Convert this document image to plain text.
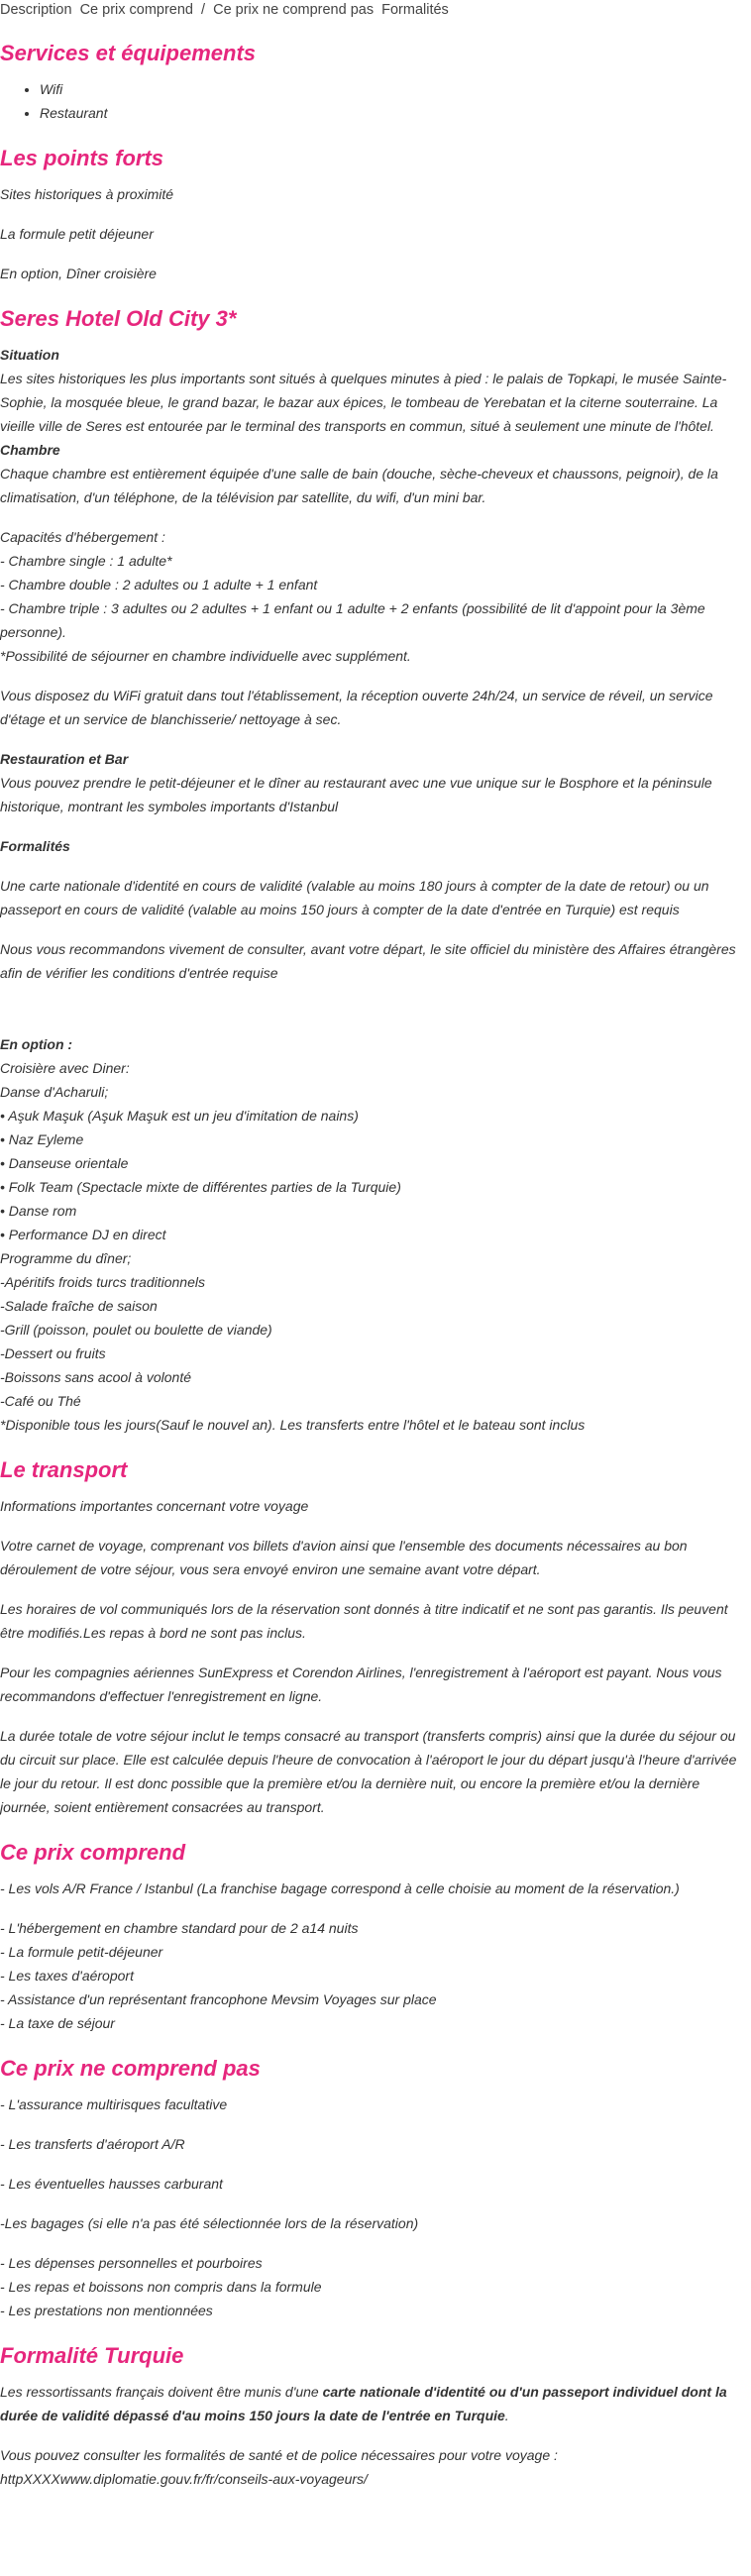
Description Ce prix comprend / Ce prix ne comprend pas Formalités
Services et équipements
• Wifi
• Restaurant
Les points forts

Sites historiques à proximité

La formule petit déjeuner

En option, Dîner croisière

Seres Hotel Old City 3*

Situation

Les sites historiques les plus importants sont situés à quelques minutes à pied : le palais de Topkapi, le musée Sainte-Sophie, la mosquée bleue, le grand bazar, le bazar aux épices, le tombeau de Yerebatan et la citerne souterraine. La vieille ville de Seres est entourée par le terminal des transports en commun, situé à seulement une minute de l'hôtel.

Chambre

Chaque chambre est entièrement équipée d'une salle de bain (douche, sèche-cheveux et chaussons, peignoir), de la climatisation, d'un téléphone, de la télévision par satellite, du wifi, d'un mini bar.

Capacités d'hébergement :

- Chambre single : 1 adulte*

- Chambre double : 2 adultes ou 1 adulte + 1 enfant

- Chambre triple : 3 adultes ou 2 adultes + 1 enfant ou 1 adulte + 2 enfants (possibilité de lit d'appoint pour la 3ème personne).

*Possibilité de séjourner en chambre individuelle avec supplément.

Vous disposez du WiFi gratuit dans tout l'établissement, la réception ouverte 24h/24, un service de réveil, un service d'étage et un service de blanchisserie/ nettoyage à sec.

Restauration et Bar

Vous pouvez prendre le petit-déjeuner et le dîner au restaurant avec une vue unique sur le Bosphore et la péninsule historique, montrant les symboles importants d'Istanbul

Formalités

Une carte nationale d'identité en cours de validité (valable au moins 180 jours à compter de la date de retour) ou un passeport en cours de validité (valable au moins 150 jours à compter de la date d'entrée en Turquie) est requis

Nous vous recommandons vivement de consulter, avant votre départ, le site officiel du ministère des Affaires étrangères afin de vérifier les conditions d'entrée requise

En option :

Croisière avec Diner:

Danse d'Acharuli;

• Aşuk Maşuk (Aşuk Maşuk est un jeu d'imitation de nains)

• Naz Eyleme

• Danseuse orientale

• Folk Team (Spectacle mixte de différentes parties de la Turquie)

• Danse rom

• Performance DJ en direct

Programme du dîner;

-Apéritifs froids turcs traditionnels

-Salade fraîche de saison

-Grill (poisson, poulet ou boulette de viande)

-Dessert ou fruits

-Boissons sans acool à volonté

-Café ou Thé

*Disponible tous les jours(Sauf le nouvel an). Les transferts entre l'hôtel et le bateau sont inclus

Le transport

Informations importantes concernant votre voyage

Votre carnet de voyage, comprenant vos billets d'avion ainsi que l'ensemble des documents nécessaires au bon déroulement de votre séjour, vous sera envoyé environ une semaine avant votre départ.

Les horaires de vol communiqués lors de la réservation sont donnés à titre indicatif et ne sont pas garantis. Ils peuvent être modifiés.Les repas à bord ne sont pas inclus.

Pour les compagnies aériennes SunExpress et Corendon Airlines, l'enregistrement à l'aéroport est payant. Nous vous recommandons d'effectuer l'enregistrement en ligne.

La durée totale de votre séjour inclut le temps consacré au transport (transferts compris) ainsi que la durée du séjour ou du circuit sur place. Elle est calculée depuis l'heure de convocation à l'aéroport le jour du départ jusqu'à l'heure d'arrivée le jour du retour. Il est donc possible que la première et/ou la dernière nuit, ou encore la première et/ou la dernière journée, soient entièrement consacrées au transport.

Ce prix comprend

- Les vols A/R France / Istanbul (La franchise bagage correspond à celle choisie au moment de la réservation.)

- L'hébergement en chambre standard pour de 2 a14 nuits

- La formule petit-déjeuner

- Les taxes d'aéroport

- Assistance d'un représentant francophone Mevsim Voyages sur place

- La taxe de séjour

Ce prix ne comprend pas

- L'assurance multirisques facultative

- Les transferts d'aéroport A/R

- Les éventuelles hausses carburant

-Les bagages (si elle n'a pas été sélectionnée lors de la réservation)

- Les dépenses personnelles et pourboires

- Les repas et boissons non compris dans la formule

- Les prestations non mentionnées

Formalité Turquie

Les ressortissants français doivent être munis d'une carte nationale d'identité ou d'un passeport individuel dont la durée de validité dépassé d'au moins 150 jours la date de l'entrée en Turquie.

Vous pouvez consulter les formalités de santé et de police nécessaires pour votre voyage :

httpXXXXwww.diplomatie.gouv.fr/fr/conseils-aux-voyageurs/
